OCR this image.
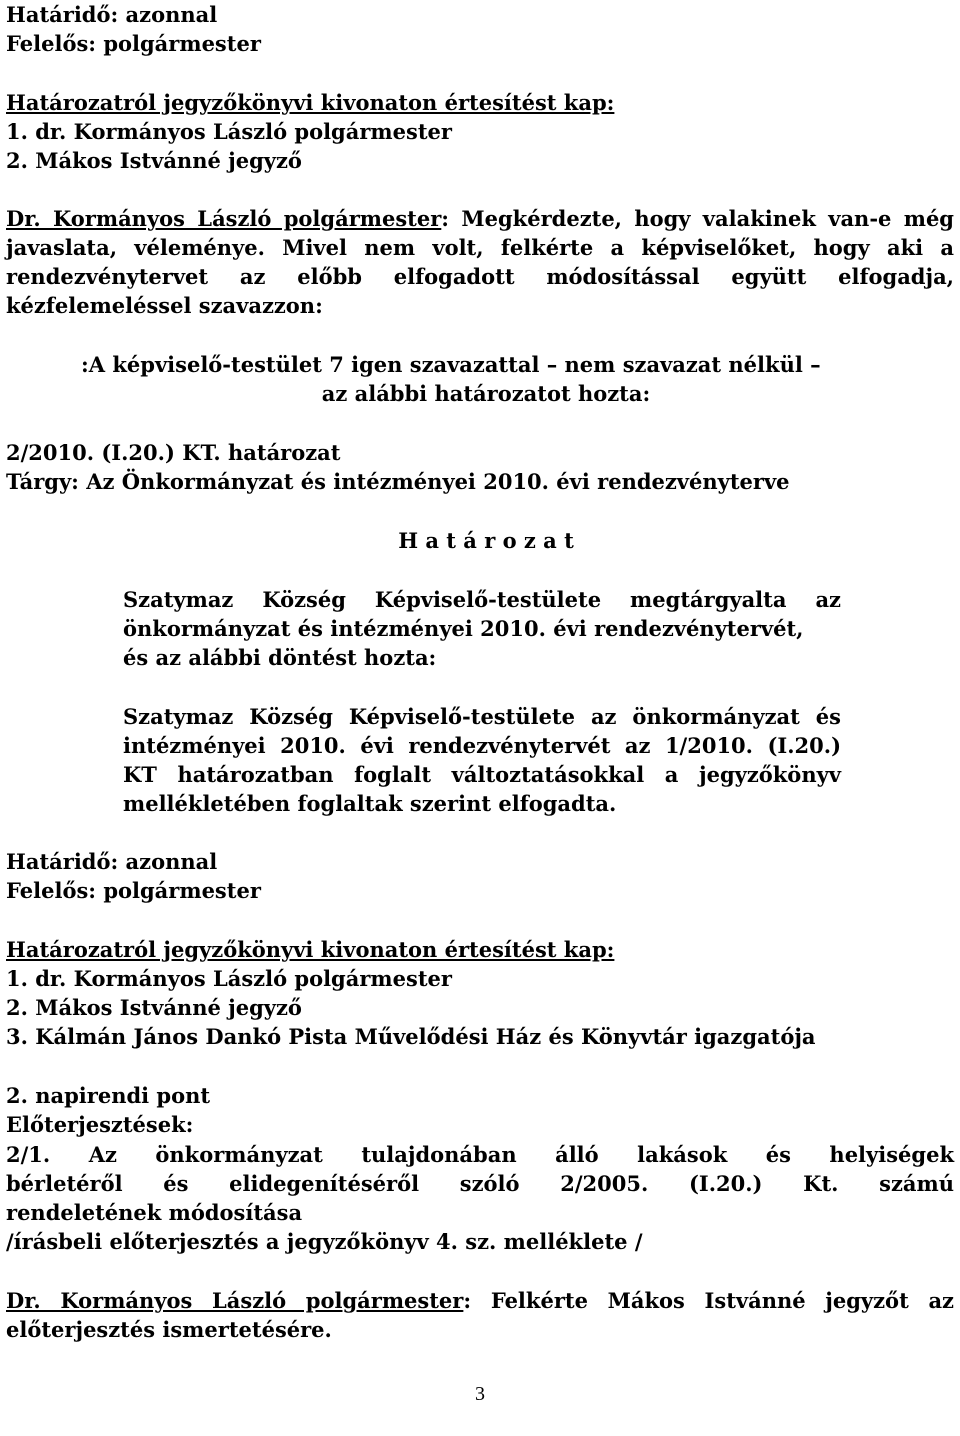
Határidő: azonnal
Felelős: polgármester
Határozatról jegyzőkönyvi kivonaton értesítést kap:
1. dr. Kormányos László polgármester
2. Mákos Istvánné jegyző
Dr. Kormányos László polgármester: Megkérdezte, hogy valakinek van-e még
javaslata, véleménye. Mivel nem volt, felkérte a képviselőket, hogy aki a
rendezvénytervet az előbb elfogadott módosítással együtt elfogadja,
kézfelemeléssel szavazzon:
:A képviselő-testület 7 igen szavazattal – nem szavazat nélkül –
az alábbi határozatot hozta:
2/2010. (I.20.) KT. határozat
Tárgy: Az Önkormányzat és intézményei 2010. évi rendezvényterve
H a t á r o z a t
Szatymaz Község Képviselő-testülete megtárgyalta az
önkormányzat és intézményei 2010. évi rendezvénytervét,
és az alábbi döntést hozta:
Szatymaz Község Képviselő-testülete az önkormányzat és
intézményei 2010. évi rendezvénytervét az 1/2010. (I.20.)
KT határozatban foglalt változtatásokkal a jegyzőkönyv
mellékletében foglaltak szerint elfogadta.
Határidő: azonnal
Felelős: polgármester
Határozatról jegyzőkönyvi kivonaton értesítést kap:
1. dr. Kormányos László polgármester
2. Mákos Istvánné jegyző
3. Kálmán János Dankó Pista Művelődési Ház és Könyvtár igazgatója
2. napirendi pont
Előterjesztések:
2/1. Az önkormányzat tulajdonában álló lakások és helyiségek
bérletéről és elidegenítéséről szóló 2/2005. (I.20.) Kt. számú
rendeletének módosítása
/írásbeli előterjesztés a jegyzőkönyv 4. sz. melléklete /
Dr. Kormányos László polgármester: Felkérte Mákos Istvánné jegyzőt az
előterjesztés ismertetésére.
3
